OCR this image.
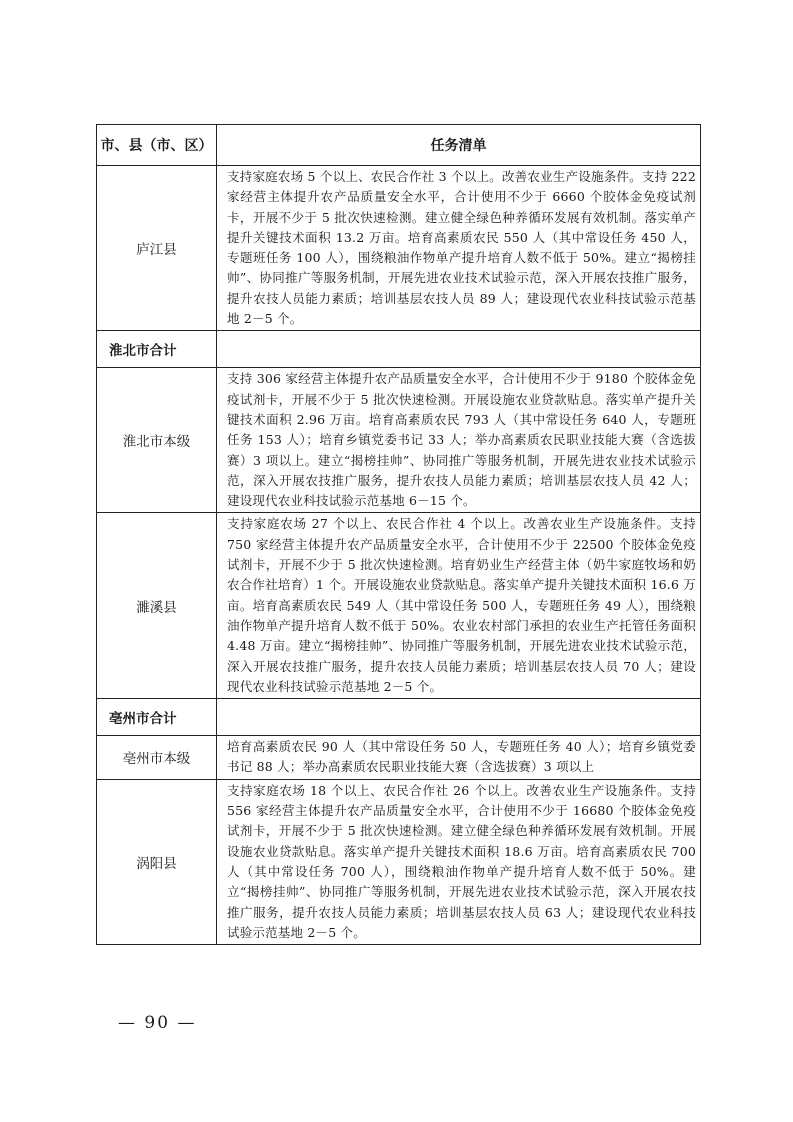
市、县（市、区）	任务清单
庐江县	支持家庭农场 5 个以上、农民合作社 3 个以上。改善农业生产设施条件。支持 222 家经营主体提升农产品质量安全水平，合计使用不少于 6660 个胶体金免疫试剂卡，开展不少于 5 批次快速检测。建立健全绿色种养循环发展有效机制。落实单产提升关键技术面积 13.2 万亩。培育高素质农民 550 人（其中常设任务 450 人，专题班任务 100 人），围绕粮油作物单产提升培育人数不低于 50%。建立“揭榜挂帅”、协同推广等服务机制，开展先进农业技术试验示范，深入开展农技推广服务，提升农技人员能力素质；培训基层农技人员 89 人；建设现代农业科技试验示范基地 2－5 个。
淮北市合计	
淮北市本级	支持 306 家经营主体提升农产品质量安全水平，合计使用不少于 9180 个胶体金免疫试剂卡，开展不少于 5 批次快速检测。开展设施农业贷款贴息。落实单产提升关键技术面积 2.96 万亩。培育高素质农民 793 人（其中常设任务 640 人，专题班任务 153 人）；培育乡镇党委书记 33 人；举办高素质农民职业技能大赛（含选拔赛）3 项以上。建立“揭榜挂帅”、协同推广等服务机制，开展先进农业技术试验示范，深入开展农技推广服务，提升农技人员能力素质；培训基层农技人员 42 人；建设现代农业科技试验示范基地 6－15 个。
濉溪县	支持家庭农场 27 个以上、农民合作社 4 个以上。改善农业生产设施条件。支持 750 家经营主体提升农产品质量安全水平，合计使用不少于 22500 个胶体金免疫试剂卡，开展不少于 5 批次快速检测。培育奶业生产经营主体（奶牛家庭牧场和奶农合作社培育）1 个。开展设施农业贷款贴息。落实单产提升关键技术面积 16.6 万亩。培育高素质农民 549 人（其中常设任务 500 人，专题班任务 49 人），围绕粮油作物单产提升培育人数不低于 50%。农业农村部门承担的农业生产托管任务面积 4.48 万亩。建立“揭榜挂帅”、协同推广等服务机制，开展先进农业技术试验示范，深入开展农技推广服务，提升农技人员能力素质；培训基层农技人员 70 人；建设现代农业科技试验示范基地 2－5 个。
亳州市合计	
亳州市本级	培育高素质农民 90 人（其中常设任务 50 人，专题班任务 40 人）；培育乡镇党委书记 88 人；举办高素质农民职业技能大赛（含选拔赛）3 项以上
涡阳县	支持家庭农场 18 个以上、农民合作社 26 个以上。改善农业生产设施条件。支持 556 家经营主体提升农产品质量安全水平，合计使用不少于 16680 个胶体金免疫试剂卡，开展不少于 5 批次快速检测。建立健全绿色种养循环发展有效机制。开展设施农业贷款贴息。落实单产提升关键技术面积 18.6 万亩。培育高素质农民 700 人（其中常设任务 700 人），围绕粮油作物单产提升培育人数不低于 50%。建立“揭榜挂帅”、协同推广等服务机制，开展先进农业技术试验示范，深入开展农技推广服务，提升农技人员能力素质；培训基层农技人员 63 人；建设现代农业科技试验示范基地 2－5 个。
— 90 —
